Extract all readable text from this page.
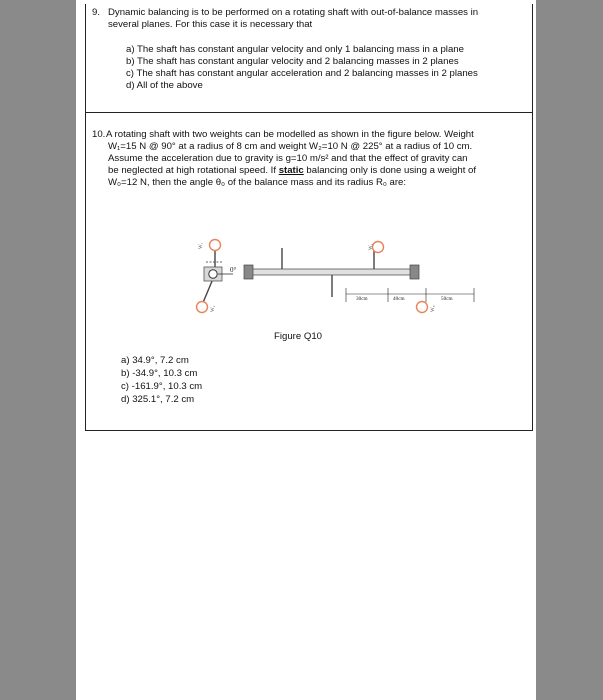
9. Dynamic balancing is to be performed on a rotating shaft with out-of-balance masses in
several planes. For this case it is necessary that
a) The shaft has constant angular velocity and only 1 balancing mass in a plane
b) The shaft has constant angular velocity and 2 balancing masses in 2 planes
c) The shaft has constant angular acceleration and 2 balancing masses in 2 planes
d) All of the above
10. A rotating shaft with two weights can be modelled as shown in the figure below. Weight
W₁=15 N @ 90° at a radius of 8 cm and weight W₂=10 N @ 225° at a radius of 10 cm.
Assume the acceleration due to gravity is g=10 m/s² and that the effect of gravity can
be neglected at high rotational speed. If static balancing only is done using a weight of
W₀=12 N, then the angle θ₀ of the balance mass and its radius R₀ are:
a) 34.9°, 7.2 cm
b) -34.9°, 10.3 cm
c) -161.9°, 10.3 cm
d) 325.1°, 7.2 cm
0°
W₁
W₂
W₁
W₀
30cm	40cm	50cm
Figure Q10
